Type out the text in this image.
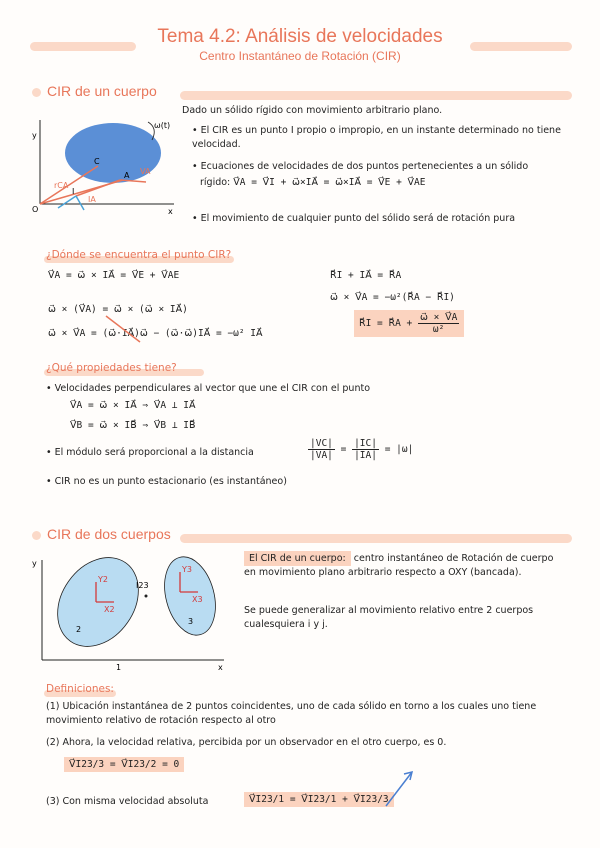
Tema 4.2: Análisis de velocidades
Centro Instantáneo de Rotación (CIR)
CIR de un cuerpo
y
x
O
A
I
C
VA
rCA
IA
ω(t)
Dado un sólido rígido con movimiento arbitrario plano.
• El CIR es un punto I propio o impropio, en un instante determinado no tiene velocidad.
• Ecuaciones de velocidades de dos puntos pertenecientes a un sólido
rígido: V⃗A = V⃗I + ω⃗×IA⃗ = ω⃗×IA⃗ = V⃗E + V⃗AE
• El movimiento de cualquier punto del sólido será de rotación pura
¿Dónde se encuentra el punto CIR?
V⃗A = ω⃗ × IA⃗ = V⃗E + V⃗AE
ω⃗ × (V⃗A) = ω⃗ × (ω⃗ × IA⃗)
ω⃗ × V⃗A = (ω⃗·IA⃗)ω⃗ − (ω⃗·ω⃗)IA⃗ = −ω² IA⃗
R⃗I + IA⃗ = R⃗A
ω⃗ × V⃗A = −ω²(R⃗A − R⃗I)
R⃗I = R⃗A + $\frac{\omega⃗ \times V⃗A}{\text{ω²}}$
¿Qué propiedades tiene?
• Velocidades perpendiculares al vector que une el CIR con el punto
V⃗A = ω⃗ × IA⃗ ⇒ V⃗A ⊥ IA⃗
V⃗B = ω⃗ × IB⃗ ⇒ V⃗B ⊥ IB⃗
• El módulo será proporcional a la distancia	$\frac{|VC|}{|VA|} = \frac{|IC|}{|IA|} = |\omega|$
• CIR no es un punto estacionario (es instantáneo)
CIR de dos cuerpos
y
x
1
2
3
I23
Y2
X2
Y3
X3
El CIR de un cuerpo: centro instantáneo de Rotación de cuerpo en movimiento plano arbitrario respecto a OXY (bancada).
Se puede generalizar al movimiento relativo entre 2 cuerpos cualesquiera i y j.
Definiciones:
(1) Ubicación instantánea de 2 puntos coincidentes, uno de cada sólido en torno a los cuales uno tiene movimiento relativo de rotación respecto al otro
(2) Ahora, la velocidad relativa, percibida por un observador en el otro cuerpo, es 0.
V⃗I23/3 = V⃗I23/2 = 0
(3) Con misma velocidad absoluta	V⃗I23/1 = V⃗I23/1 + V⃗I23/3
